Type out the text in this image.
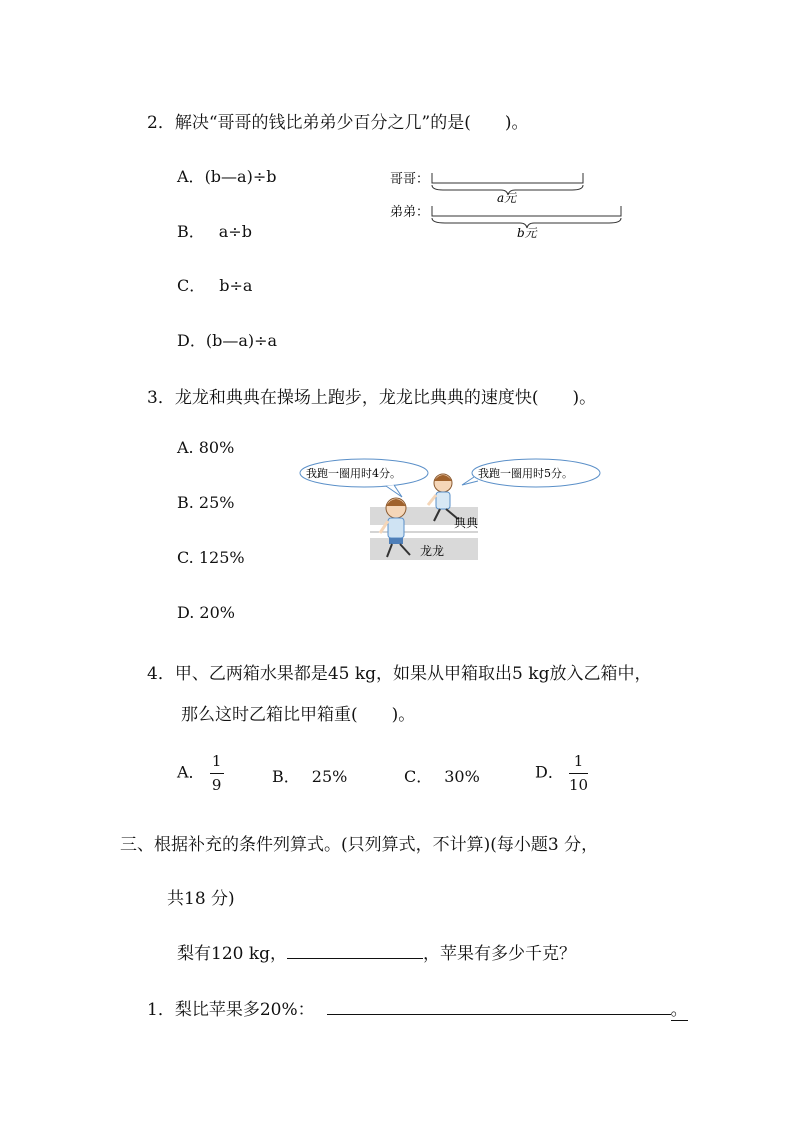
2．解决“哥哥的钱比弟弟少百分之几”的是(　　)。
A．(b—a)÷b
B． a÷b
C． b÷a
D．(b—a)÷a
哥哥：
a元
弟弟：
b元
3．龙龙和典典在操场上跑步，龙龙比典典的速度快(　　)。
A. 80%
B. 25%
C. 125%
D. 20%
我跑一圈用时4分。	我跑一圈用时5分。
典典
龙龙
4．甲、乙两箱水果都是45 kg，如果从甲箱取出5 kg放入乙箱中，
那么这时乙箱比甲箱重(　　)。
A． $\frac{1}{9}$	B． 25%	C． 30%	D． $\frac{1}{10}$
三、根据补充的条件列算式。(只列算式，不计算)(每小题3 分，
共18 分)
梨有120 kg，	，苹果有多少千克？
1．梨比苹果多20%：	。
